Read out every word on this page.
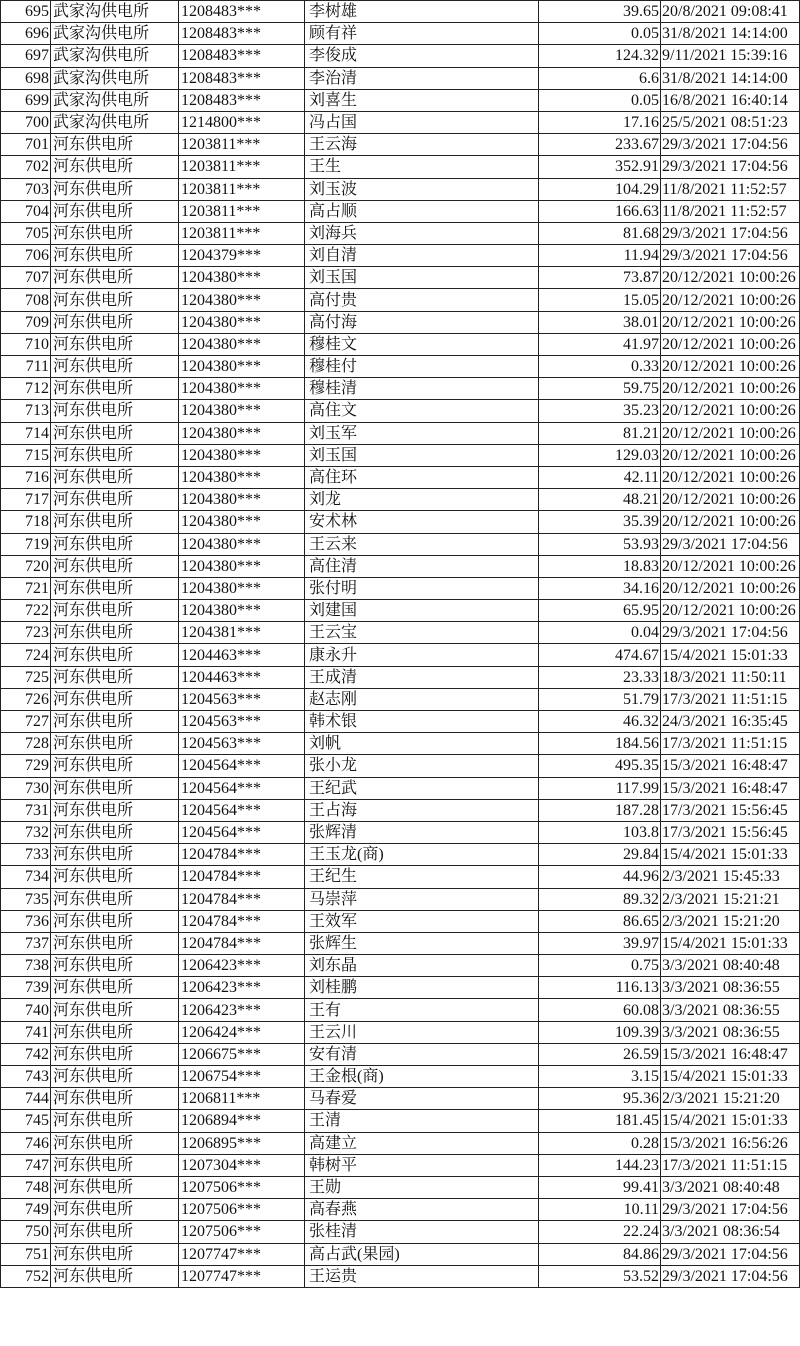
695	武家沟供电所	1208483***	李树雄	39.65	20/8/2021 09:08:41
696	武家沟供电所	1208483***	顾有祥	0.05	31/8/2021 14:14:00
697	武家沟供电所	1208483***	李俊成	124.32	9/11/2021 15:39:16
698	武家沟供电所	1208483***	李治清	6.6	31/8/2021 14:14:00
699	武家沟供电所	1208483***	刘喜生	0.05	16/8/2021 16:40:14
700	武家沟供电所	1214800***	冯占国	17.16	25/5/2021 08:51:23
701	河东供电所	1203811***	王云海	233.67	29/3/2021 17:04:56
702	河东供电所	1203811***	王生	352.91	29/3/2021 17:04:56
703	河东供电所	1203811***	刘玉波	104.29	11/8/2021 11:52:57
704	河东供电所	1203811***	高占顺	166.63	11/8/2021 11:52:57
705	河东供电所	1203811***	刘海兵	81.68	29/3/2021 17:04:56
706	河东供电所	1204379***	刘自清	11.94	29/3/2021 17:04:56
707	河东供电所	1204380***	刘玉国	73.87	20/12/2021 10:00:26
708	河东供电所	1204380***	高付贵	15.05	20/12/2021 10:00:26
709	河东供电所	1204380***	高付海	38.01	20/12/2021 10:00:26
710	河东供电所	1204380***	穆桂文	41.97	20/12/2021 10:00:26
711	河东供电所	1204380***	穆桂付	0.33	20/12/2021 10:00:26
712	河东供电所	1204380***	穆桂清	59.75	20/12/2021 10:00:26
713	河东供电所	1204380***	高住文	35.23	20/12/2021 10:00:26
714	河东供电所	1204380***	刘玉军	81.21	20/12/2021 10:00:26
715	河东供电所	1204380***	刘玉国	129.03	20/12/2021 10:00:26
716	河东供电所	1204380***	高住环	42.11	20/12/2021 10:00:26
717	河东供电所	1204380***	刘龙	48.21	20/12/2021 10:00:26
718	河东供电所	1204380***	安术林	35.39	20/12/2021 10:00:26
719	河东供电所	1204380***	王云来	53.93	29/3/2021 17:04:56
720	河东供电所	1204380***	高住清	18.83	20/12/2021 10:00:26
721	河东供电所	1204380***	张付明	34.16	20/12/2021 10:00:26
722	河东供电所	1204380***	刘建国	65.95	20/12/2021 10:00:26
723	河东供电所	1204381***	王云宝	0.04	29/3/2021 17:04:56
724	河东供电所	1204463***	康永升	474.67	15/4/2021 15:01:33
725	河东供电所	1204463***	王成清	23.33	18/3/2021 11:50:11
726	河东供电所	1204563***	赵志刚	51.79	17/3/2021 11:51:15
727	河东供电所	1204563***	韩术银	46.32	24/3/2021 16:35:45
728	河东供电所	1204563***	刘帆	184.56	17/3/2021 11:51:15
729	河东供电所	1204564***	张小龙	495.35	15/3/2021 16:48:47
730	河东供电所	1204564***	王纪武	117.99	15/3/2021 16:48:47
731	河东供电所	1204564***	王占海	187.28	17/3/2021 15:56:45
732	河东供电所	1204564***	张辉清	103.8	17/3/2021 15:56:45
733	河东供电所	1204784***	王玉龙(商)	29.84	15/4/2021 15:01:33
734	河东供电所	1204784***	王纪生	44.96	2/3/2021 15:45:33
735	河东供电所	1204784***	马崇萍	89.32	2/3/2021 15:21:21
736	河东供电所	1204784***	王效军	86.65	2/3/2021 15:21:20
737	河东供电所	1204784***	张辉生	39.97	15/4/2021 15:01:33
738	河东供电所	1206423***	刘东晶	0.75	3/3/2021 08:40:48
739	河东供电所	1206423***	刘桂鹏	116.13	3/3/2021 08:36:55
740	河东供电所	1206423***	王有	60.08	3/3/2021 08:36:55
741	河东供电所	1206424***	王云川	109.39	3/3/2021 08:36:55
742	河东供电所	1206675***	安有清	26.59	15/3/2021 16:48:47
743	河东供电所	1206754***	王金根(商)	3.15	15/4/2021 15:01:33
744	河东供电所	1206811***	马春爱	95.36	2/3/2021 15:21:20
745	河东供电所	1206894***	王清	181.45	15/4/2021 15:01:33
746	河东供电所	1206895***	高建立	0.28	15/3/2021 16:56:26
747	河东供电所	1207304***	韩树平	144.23	17/3/2021 11:51:15
748	河东供电所	1207506***	王勋	99.41	3/3/2021 08:40:48
749	河东供电所	1207506***	高春燕	10.11	29/3/2021 17:04:56
750	河东供电所	1207506***	张桂清	22.24	3/3/2021 08:36:54
751	河东供电所	1207747***	高占武(果园)	84.86	29/3/2021 17:04:56
752	河东供电所	1207747***	王运贵	53.52	29/3/2021 17:04:56
